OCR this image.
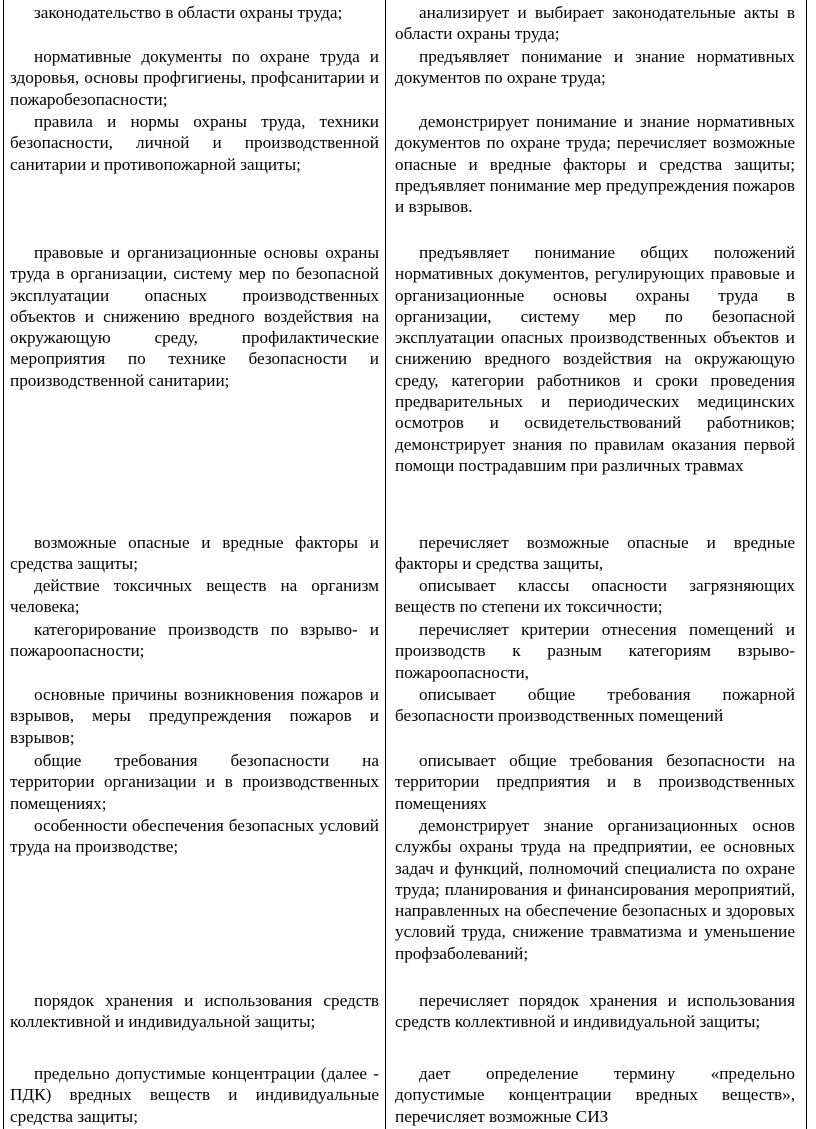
законодательство в области охраны труда;

нормативные документы по охране труда и здоровья, основы профгигиены, профсанитарии и пожаробезопасности;

правила и нормы охраны труда, техники безопасности, личной и производственной санитарии и противопожарной защиты;

правовые и организационные основы охраны труда в организации, систему мер по безопасной эксплуатации опасных производственных объектов и снижению вредного воздействия на окружающую среду, профилактические мероприятия по технике безопасности и производственной санитарии;

возможные опасные и вредные факторы и средства защиты;

действие токсичных веществ на организм человека;

категорирование производств по взрыво- и пожароопасности;

основные причины возникновения пожаров и взрывов, меры предупреждения пожаров и взрывов;

общие требования безопасности на территории организации и в производственных помещениях;

особенности обеспечения безопасных условий труда на производстве;

порядок хранения и использования средств коллективной и индивидуальной защиты;

предельно допустимые концентрации (далее - ПДК) вредных веществ и индивидуальные средства защиты;

анализирует и выбирает законодательные акты в области охраны труда;

предъявляет понимание и знание нормативных документов по охране труда;

демонстрирует понимание и знание нормативных документов по охране труда; перечисляет возможные опасные и вредные факторы и средства защиты; предъявляет понимание мер предупреждения пожаров и взрывов.

предъявляет понимание общих положений нормативных документов, регулирующих правовые и организационные основы охраны труда в организации, систему мер по безопасной эксплуатации опасных производственных объектов и снижению вредного воздействия на окружающую среду, категории работников и сроки проведения предварительных и периодических медицинских осмотров и освидетельствований работников; демонстрирует знания по правилам оказания первой помощи пострадавшим при различных травмах

перечисляет возможные опасные и вредные факторы и средства защиты,

описывает классы опасности загрязняющих веществ по степени их токсичности;

перечисляет критерии отнесения помещений и производств к разным категориям взрыво-пожароопасности,

описывает общие требования пожарной безопасности производственных помещений

описывает общие требования безопасности на территории предприятия и в производственных помещениях

демонстрирует знание организационных основ службы охраны труда на предприятии, ее основных задач и функций, полномочий специалиста по охране труда; планирования и финансирования мероприятий, направленных на обеспечение безопасных и здоровых условий труда, снижение травматизма и уменьшение профзаболеваний;

перечисляет порядок хранения и использования средств коллективной и индивидуальной защиты;

дает определение термину «предельно допустимые концентрации вредных веществ», перечисляет возможные СИЗ
